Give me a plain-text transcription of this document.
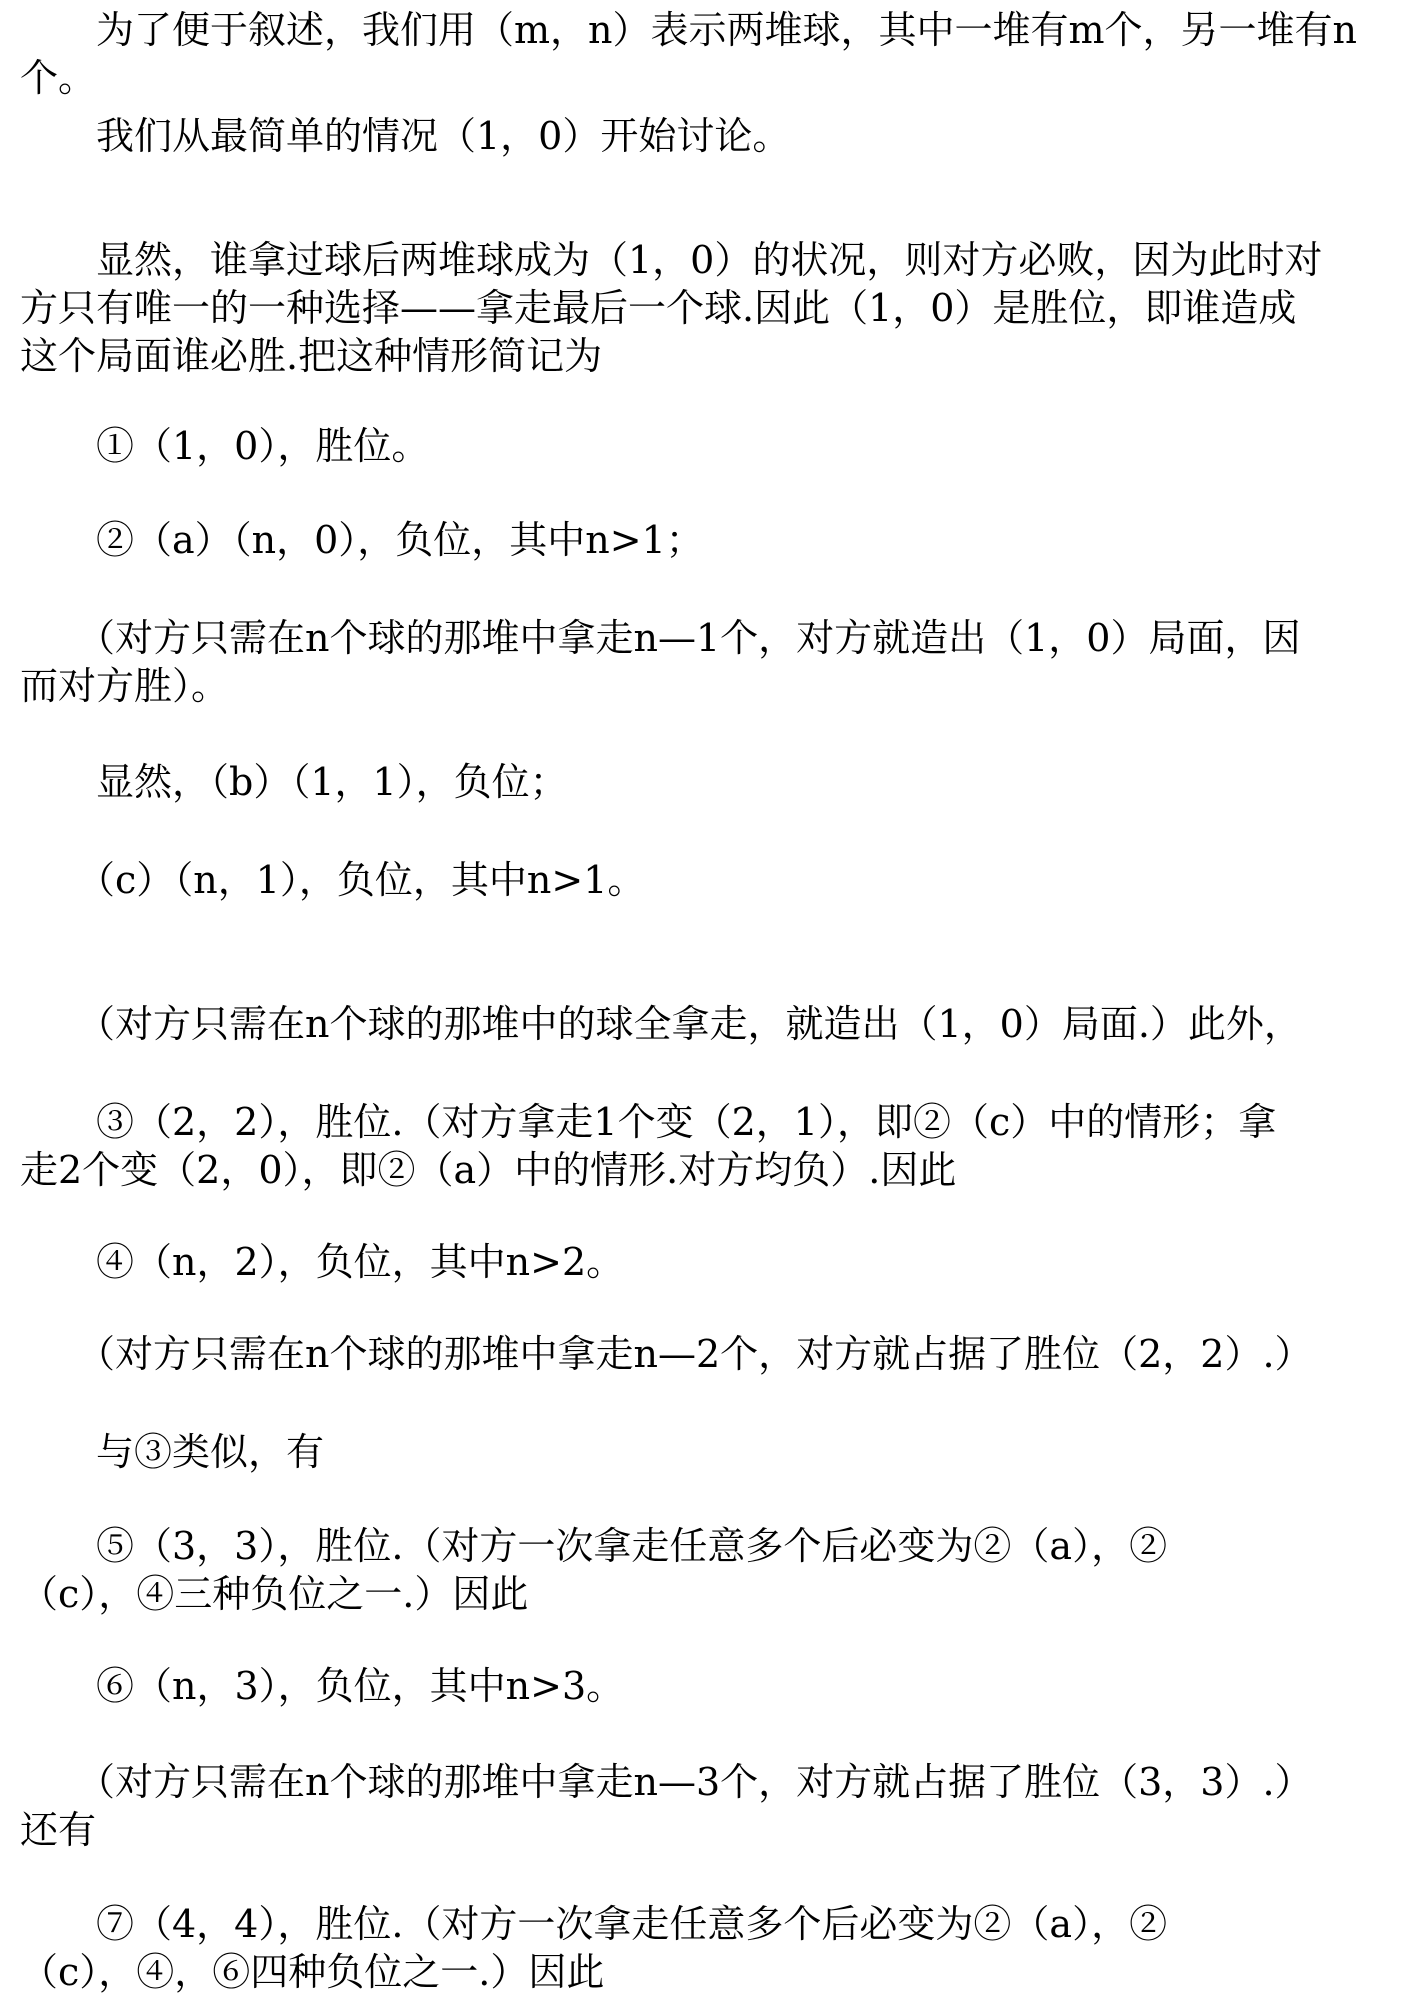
　　为了便于叙述，我们用（m，n）表示两堆球，其中一堆有m个，另一堆有n
个。
　　我们从最简单的情况（1，0）开始讨论。
　　显然，谁拿过球后两堆球成为（1，0）的状况，则对方必败，因为此时对
方只有唯一的一种选择——拿走最后一个球.因此（1，0）是胜位，即谁造成
这个局面谁必胜.把这种情形简记为
　　①（1，0），胜位。
　　②（a）（n，0），负位，其中n>1；
　　（对方只需在n个球的那堆中拿走n—1个，对方就造出（1，0）局面，因
而对方胜）。
　　显然，（b）（1，1），负位；
　　（c）（n，1），负位，其中n>1。
　　（对方只需在n个球的那堆中的球全拿走，就造出（1，0）局面.）此外，
　　③（2，2），胜位.（对方拿走1个变（2，1），即②（c）中的情形；拿
走2个变（2，0），即②（a）中的情形.对方均负）.因此
　　④（n，2），负位，其中n>2。
　　（对方只需在n个球的那堆中拿走n—2个，对方就占据了胜位（2，2）.）
　　与③类似，有
　　⑤（3，3），胜位.（对方一次拿走任意多个后必变为②（a），②
（c），④三种负位之一.）因此
　　⑥（n，3），负位，其中n>3。
　　（对方只需在n个球的那堆中拿走n—3个，对方就占据了胜位（3，3）.）
还有
　　⑦（4，4），胜位.（对方一次拿走任意多个后必变为②（a），②
（c），④，⑥四种负位之一.）因此
